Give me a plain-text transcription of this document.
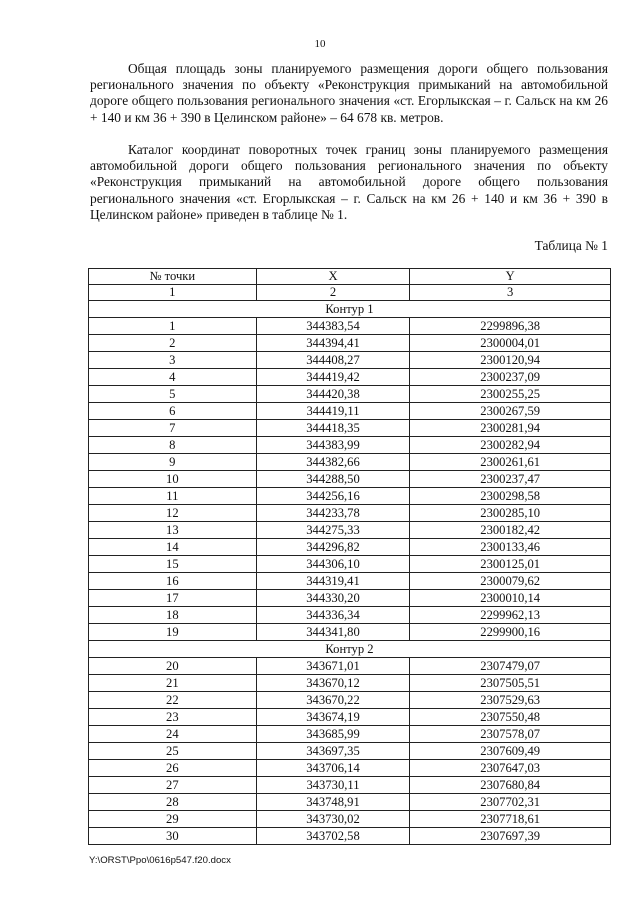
10

Общая площадь зоны планируемого размещения дороги общего пользования регионального значения по объекту «Реконструкция примыканий на автомобильной дороге общего пользования регионального значения «ст. Егорлыкская – г. Сальск на км 26 + 140 и км 36 + 390 в Целинском районе» – 64 678 кв. метров.

Каталог координат поворотных точек границ зоны планируемого размещения автомобильной дороги общего пользования регионального значения по объекту «Реконструкция примыканий на автомобильной дороге общего пользования регионального значения «ст. Егорлыкская – г. Сальск на км 26 + 140 и км 36 + 390 в Целинском районе» приведен в таблице № 1.

Таблица № 1
№ точки	X	Y
1	2	3
Контур 1		
1	344383,54	2299896,38
2	344394,41	2300004,01
3	344408,27	2300120,94
4	344419,42	2300237,09
5	344420,38	2300255,25
6	344419,11	2300267,59
7	344418,35	2300281,94
8	344383,99	2300282,94
9	344382,66	2300261,61
10	344288,50	2300237,47
11	344256,16	2300298,58
12	344233,78	2300285,10
13	344275,33	2300182,42
14	344296,82	2300133,46
15	344306,10	2300125,01
16	344319,41	2300079,62
17	344330,20	2300010,14
18	344336,34	2299962,13
19	344341,80	2299900,16
Контур 2		
20	343671,01	2307479,07
21	343670,12	2307505,51
22	343670,22	2307529,63
23	343674,19	2307550,48
24	343685,99	2307578,07
25	343697,35	2307609,49
26	343706,14	2307647,03
27	343730,11	2307680,84
28	343748,91	2307702,31
29	343730,02	2307718,61
30	343702,58	2307697,39
Y:\ORST\Ppo\0616p547.f20.docx
